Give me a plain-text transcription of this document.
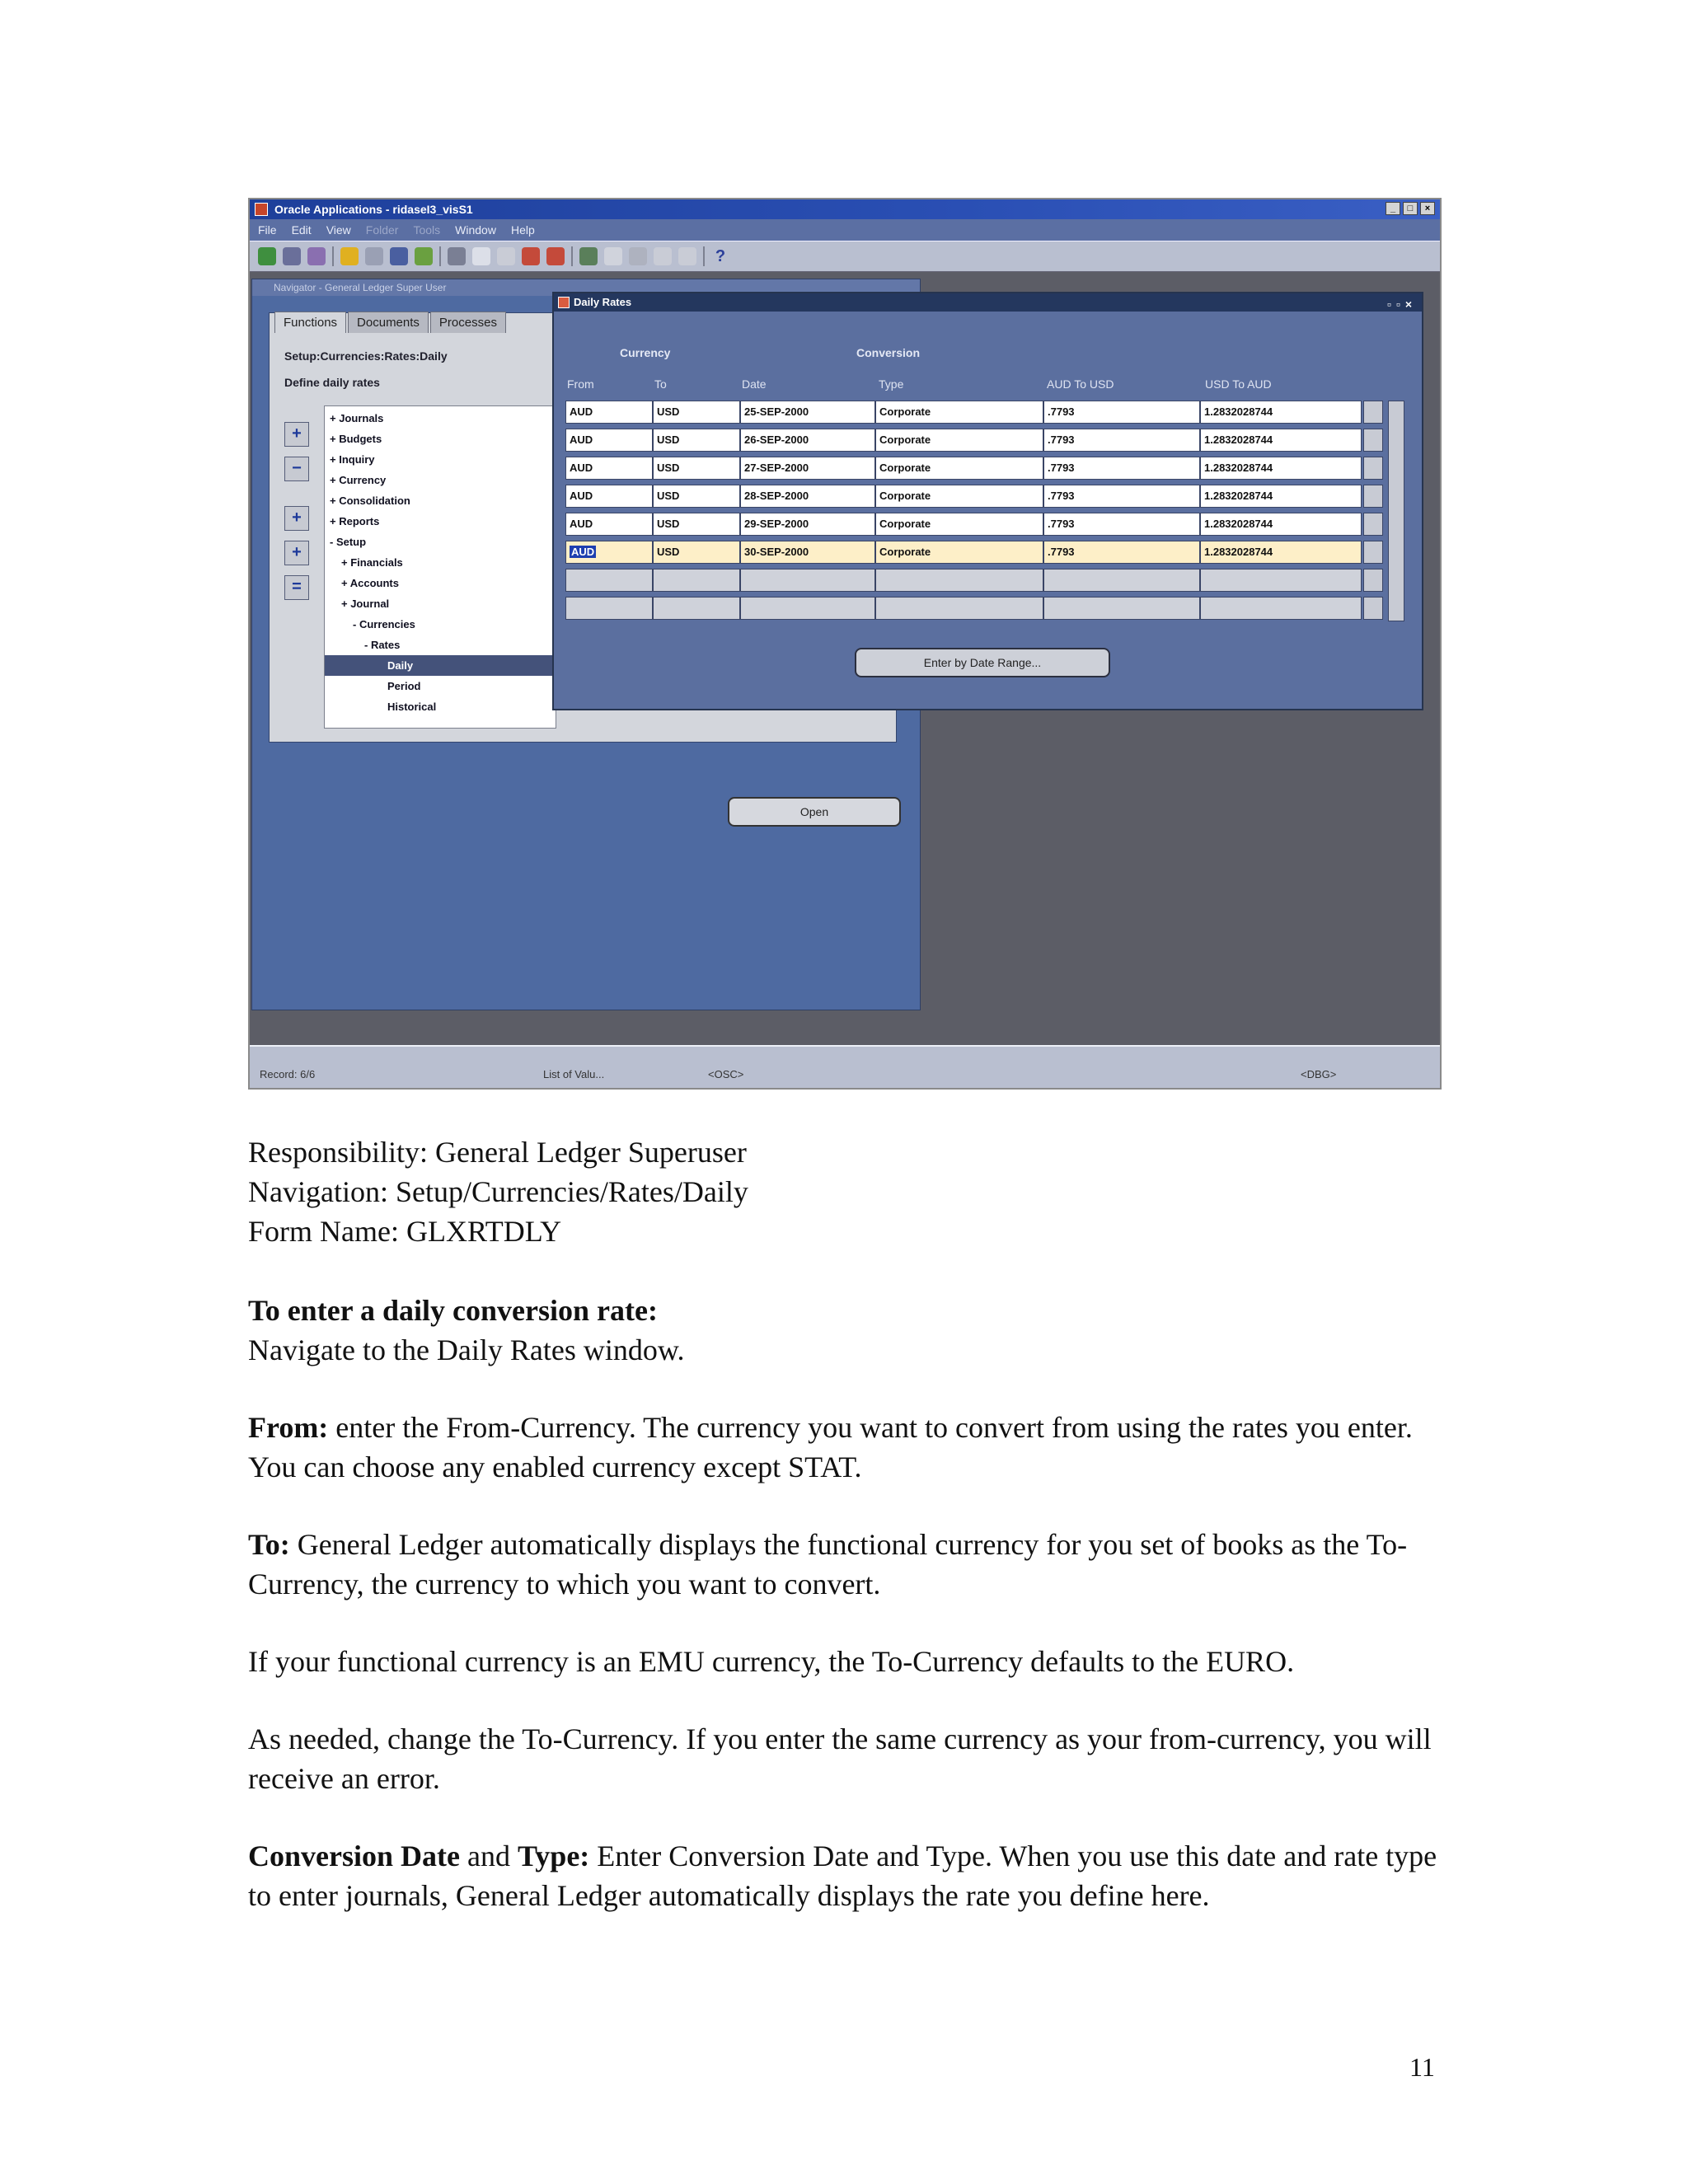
Oracle Applications - ridaseI3_visS1	_	□	×
File Edit View Folder Tools Window Help
?
Navigator - General Ledger Super User
Functions	Documents	Processes
Setup:Currencies:Rates:Daily
Define daily rates
+
−
+
+
=
+ Journals
+ Budgets
+ Inquiry
+ Currency
+ Consolidation
+ Reports
- Setup
+ Financials
+ Accounts
+ Journal
- Currencies
- Rates
Daily
Period
Historical
Open
Daily Rates	▫▫×
Currency	Conversion
From	To	Date	Type	AUD To USD	USD To AUD
Enter by Date Range...
AUD	USD	25-SEP-2000	Corporate	.7793	1.2832028744
AUD	USD	26-SEP-2000	Corporate	.7793	1.2832028744
AUD	USD	27-SEP-2000	Corporate	.7793	1.2832028744
AUD	USD	28-SEP-2000	Corporate	.7793	1.2832028744
AUD	USD	29-SEP-2000	Corporate	.7793	1.2832028744
AUD	USD	30-SEP-2000	Corporate	.7793	1.2832028744
Record: 6/6	List of Valu...	<OSC>	<DBG>
Responsibility: General Ledger Superuser
Navigation: Setup/Currencies/Rates/Daily
Form Name: GLXRTDLY
To enter a daily conversion rate:
Navigate to the Daily Rates window.
From: enter the From-Currency. The currency you want to convert from using the rates you enter. You can choose any enabled currency except STAT.
To: General Ledger automatically displays the functional currency for you set of books as the To-Currency, the currency to which you want to convert.
If your functional currency is an EMU currency, the To-Currency defaults to the EURO.
As needed, change the To-Currency. If you enter the same currency as your from-currency, you will receive an error.
Conversion Date and Type: Enter Conversion Date and Type. When you use this date and rate type to enter journals, General Ledger automatically displays the rate you define here.
11
